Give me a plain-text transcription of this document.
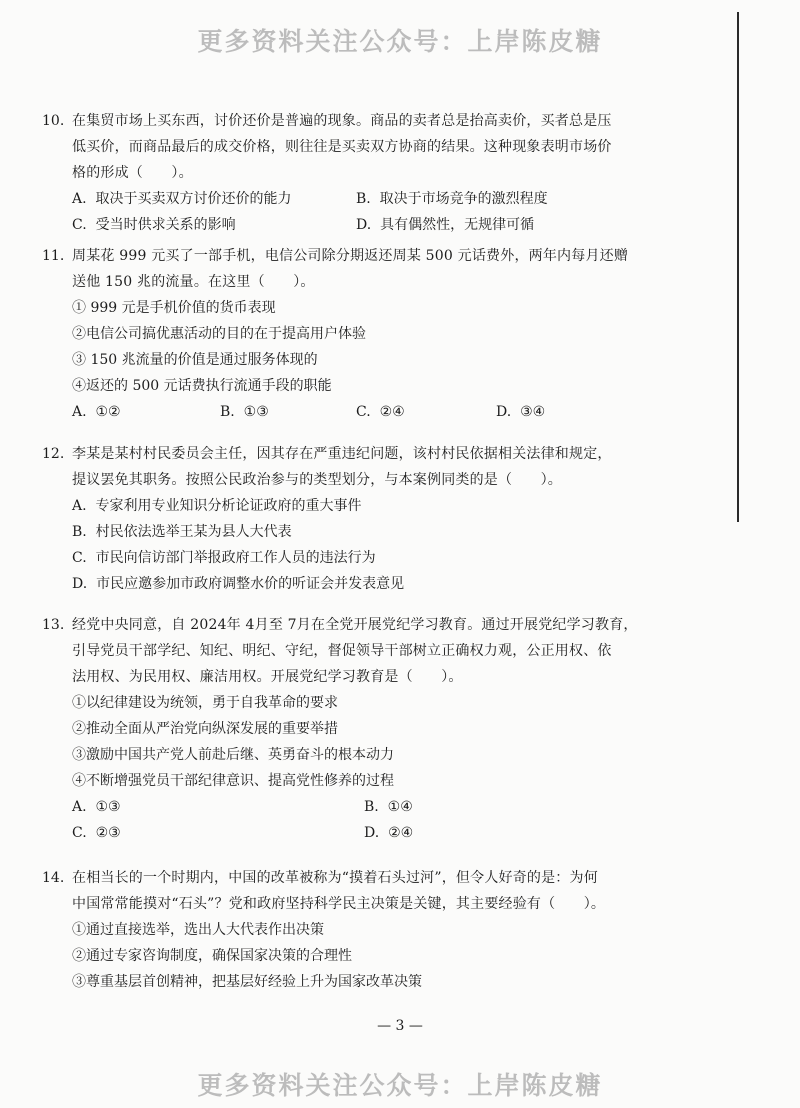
更多资料关注公众号：上岸陈皮糖
10. 在集贸市场上买东西，讨价还价是普遍的现象。商品的卖者总是抬高卖价，买者总是压
低买价，而商品最后的成交价格，则往往是买卖双方协商的结果。这种现象表明市场价
格的形成（　　）。
A. 取决于买卖双方讨价还价的能力	B. 取决于市场竞争的激烈程度
C. 受当时供求关系的影响	D. 具有偶然性，无规律可循
11. 周某花 999 元买了一部手机，电信公司除分期返还周某 500 元话费外，两年内每月还赠
送他 150 兆的流量。在这里（　　）。
① 999 元是手机价值的货币表现
②电信公司搞优惠活动的目的在于提高用户体验
③ 150 兆流量的价值是通过服务体现的
④返还的 500 元话费执行流通手段的职能
A. ①②	B. ①③	C. ②④	D. ③④
12. 李某是某村村民委员会主任，因其存在严重违纪问题，该村村民依据相关法律和规定，
提议罢免其职务。按照公民政治参与的类型划分，与本案例同类的是（　　）。
A. 专家利用专业知识分析论证政府的重大事件
B. 村民依法选举王某为县人大代表
C. 市民向信访部门举报政府工作人员的违法行为
D. 市民应邀参加市政府调整水价的听证会并发表意见
13. 经党中央同意，自 2024年 4月至 7月在全党开展党纪学习教育。通过开展党纪学习教育，
引导党员干部学纪、知纪、明纪、守纪，督促领导干部树立正确权力观，公正用权、依
法用权、为民用权、廉洁用权。开展党纪学习教育是（　　）。
①以纪律建设为统领，勇于自我革命的要求
②推动全面从严治党向纵深发展的重要举措
③激励中国共产党人前赴后继、英勇奋斗的根本动力
④不断增强党员干部纪律意识、提高党性修养的过程
A. ①③	B. ①④
C. ②③	D. ②④
14. 在相当长的一个时期内，中国的改革被称为“摸着石头过河”，但令人好奇的是：为何
中国常常能摸对“石头”？党和政府坚持科学民主决策是关键，其主要经验有（　　）。
①通过直接选举，选出人大代表作出决策
②通过专家咨询制度，确保国家决策的合理性
③尊重基层首创精神，把基层好经验上升为国家改革决策
— 3 —
更多资料关注公众号：上岸陈皮糖
